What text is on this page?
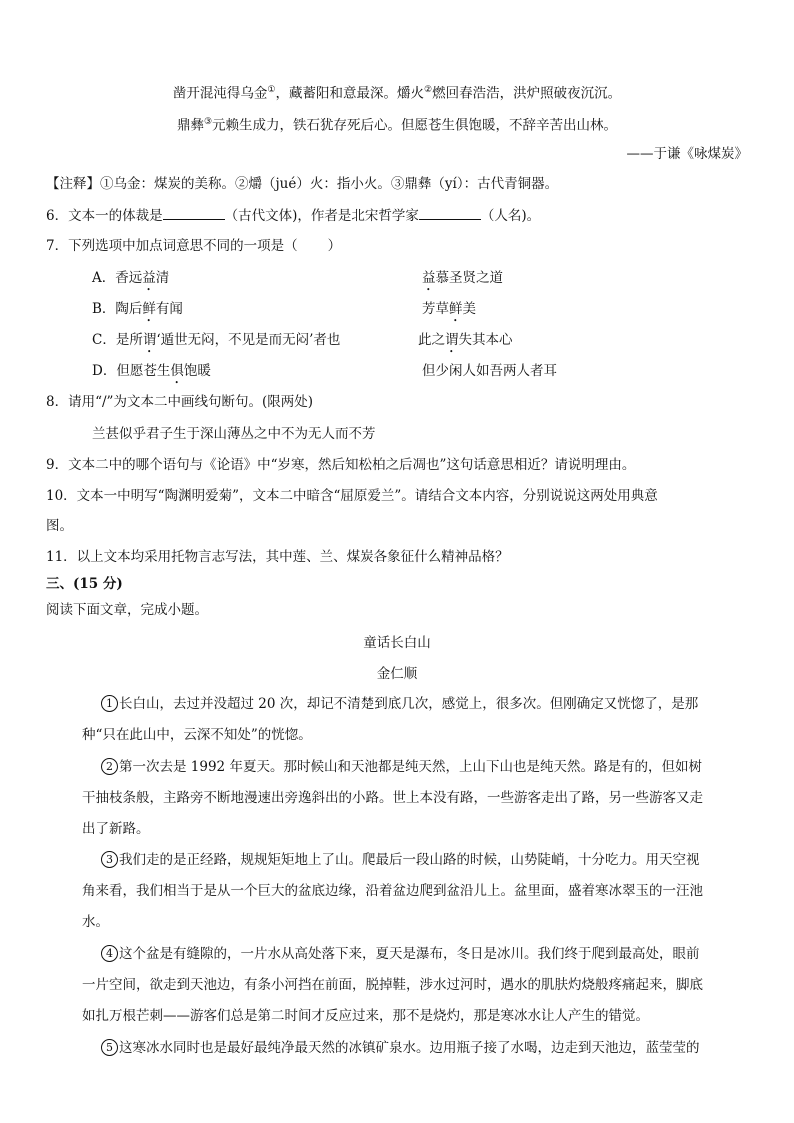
凿开混沌得乌金①，藏蓄阳和意最深。爝火②燃回春浩浩，洪炉照破夜沉沉。
鼎彝③元赖生成力，铁石犹存死后心。但愿苍生俱饱暖，不辞辛苦出山林。
——于谦《咏煤炭》
【注释】①乌金：煤炭的美称。②爝（jué）火：指小火。③鼎彝（yí）：古代青铜器。
6．文本一的体裁是	（古代文体)，作者是北宋哲学家	（人名)。
7．下列选项中加点词意思不同的一项是（ ）
A．香远益清	益慕圣贤之道
B．陶后鲜有闻	芳草鲜美
C．是所谓‘遁世无闷，不见是而无闷’者也	此之谓失其本心
D．但愿苍生俱饱暖	但少闲人如吾两人者耳
8．请用“/”为文本二中画线句断句。(限两处)
兰甚似乎君子生于深山薄丛之中不为无人而不芳
9．文本二中的哪个语句与《论语》中“岁寒，然后知松柏之后凋也”这句话意思相近？请说明理由。
10．文本一中明写“陶渊明爱菊”，文本二中暗含“屈原爱兰”。请结合文本内容，分别说说这两处用典意
图。
11．以上文本均采用托物言志写法，其中莲、兰、煤炭各象征什么精神品格？
三、(15 分)
阅读下面文章，完成小题。
童话长白山
金仁顺
1 长白山，去过并没超过 20 次，却记不清楚到底几次，感觉上，很多次。但刚确定又恍惚了，是那
种“只在此山中，云深不知处”的恍惚。
2 第一次去是 1992 年夏天。那时候山和天池都是纯天然，上山下山也是纯天然。路是有的，但如树
干抽枝条般，主路旁不断地漫速出旁逸斜出的小路。世上本没有路，一些游客走出了路，另一些游客又走
出了新路。
3 我们走的是正经路，规规矩矩地上了山。爬最后一段山路的时候，山势陡峭，十分吃力。用天空视
角来看，我们相当于是从一个巨大的盆底边缘，沿着盆边爬到盆沿儿上。盆里面，盛着寒冰翠玉的一汪池
水。
4 这个盆是有缝隙的，一片水从高处落下来，夏天是瀑布，冬日是冰川。我们终于爬到最高处，眼前
一片空间，欲走到天池边，有条小河挡在前面，脱掉鞋，涉水过河时，遇水的肌肤灼烧般疼痛起来，脚底
如扎万根芒刺——游客们总是第二时间才反应过来，那不是烧灼，那是寒冰水让人产生的错觉。
5 这寒冰水同时也是最好最纯净最天然的冰镇矿泉水。边用瓶子接了水喝，边走到天池边，蓝莹莹的
